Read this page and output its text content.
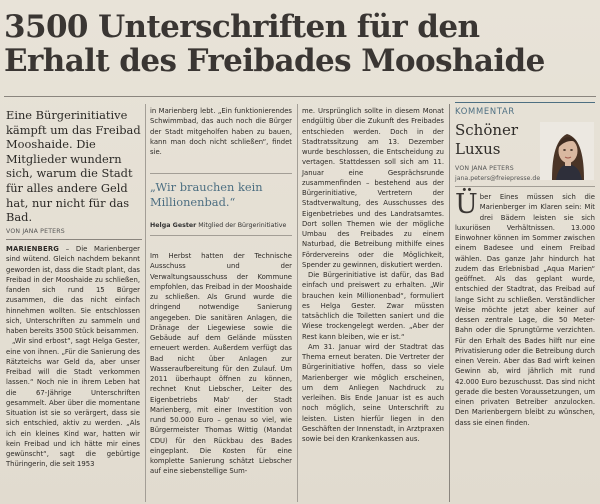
3500 Unterschriften für den
Erhalt des Freibades Mooshaide

Eine Bürgerinitiative kämpft um das Freibad Mooshaide. Die Mitglieder wundern sich, warum die Stadt für alles andere Geld hat, nur nicht für das Bad.

VON JANA PETERS

MARIENBERG – Die Marienberger sind wütend. Gleich nachdem bekannt geworden ist, dass die Stadt plant, das Freibad in der Mooshaide zu schließen, fanden sich rund 15 Bürger zusammen, die das nicht einfach hinnehmen wollten. Sie entschlossen sich, Unterschriften zu sammeln und haben bereits 3500 Stück beisammen.

„Wir sind erbost“, sagt Helga Gester, eine von ihnen. „Für die Sanierung des Rätzteichs war Geld da, aber unser Freibad will die Stadt verkommen lassen.“ Noch nie in ihrem Leben hat die 67-Jährige Unterschriften gesammelt. Aber über die momentane Situation ist sie so verärgert, dass sie sich entschied, aktiv zu werden. „Als ich ein kleines Kind war, hatten wir kein Freibad und ich hätte mir eines gewünscht“, sagt die gebürtige Thüringerin, die seit 1953

in Marienberg lebt. „Ein funktionierendes Schwimmbad, das auch noch die Bürger der Stadt mitgeholfen haben zu bauen, kann man doch nicht schließen“, findet sie.

„Wir brauchen kein Millionenbad.“
Helga Gester Mitglied der Bürgerinitiative

Im Herbst hatten der Technische Ausschuss und der Verwaltungsausschuss der Kommune empfohlen, das Freibad in der Mooshaide zu schließen. Als Grund wurde die dringend notwendige Sanierung angegeben. Die sanitären Anlagen, die Dränage der Liegewiese sowie die Gebäude auf dem Gelände müssten erneuert werden. Außerdem verfügt das Bad nicht über Anlagen zur Wasseraufbereitung für den Zulauf. Um 2011 überhaupt öffnen zu können, rechnet Knut Liebscher, Leiter des Eigenbetriebs Mab' der Stadt Marienberg, mit einer Investition von rund 50.000 Euro – genau so viel, wie Bürgermeister Thomas Wittig (Mandat CDU) für den Rückbau des Bades eingeplant. Die Kosten für eine komplette Sanierung schätzt Liebscher auf eine siebenstellige Sum-

me. Ursprünglich sollte in diesem Monat endgültig über die Zukunft des Freibades entschieden werden. Doch in der Stadtratssitzung am 13. Dezember wurde beschlossen, die Entscheidung zu vertagen. Stattdessen soll sich am 11. Januar eine Gesprächsrunde zusammenfinden – bestehend aus der Bürgerinitiative, Vertretern der Stadtverwaltung, des Ausschusses des Eigenbetriebes und des Landratsamtes. Dort sollen Themen wie der mögliche Umbau des Freibades zu einem Naturbad, die Betreibung mithilfe eines Fördervereins oder die Möglichkeit, Spender zu gewinnen, diskutiert werden.

Die Bürgerinitiative ist dafür, das Bad einfach und preiswert zu erhalten. „Wir brauchen kein Millionenbad“, formuliert es Helga Gester. Zwar müssten tatsächlich die Toiletten saniert und die Wiese trockengelegt werden. „Aber der Rest kann bleiben, wie er ist.“

Am 31. Januar wird der Stadtrat das Thema erneut beraten. Die Vertreter der Bürgerinitiative hoffen, dass so viele Marienberger wie möglich erscheinen, um dem Anliegen Nachdruck zu verleihen. Bis Ende Januar ist es auch noch möglich, seine Unterschrift zu leisten. Listen hierfür liegen in den Geschäften der Innenstadt, in Arztpraxen sowie bei den Krankenkassen aus.

KOMMENTAR
Schöner
Luxus
VON JANA PETERS
jana.peters@freiepresse.de

Über Eines müssen sich die Marienberger im Klaren sein: Mit drei Bädern leisten sie sich luxuriösen Verhältnissen. 13.000 Einwohner können im Sommer zwischen einem Badesee und einem Freibad wählen. Das ganze Jahr hindurch hat zudem das Erlebnisbad „Aqua Marien“ geöffnet. Als das geplant wurde, entschied der Stadtrat, das Freibad auf lange Sicht zu schließen. Verständlicher Weise möchte jetzt aber keiner auf dessen zentrale Lage, die 50 Meter-Bahn oder die Sprungtürme verzichten. Für den Erhalt des Bades hilft nur eine Privatisierung oder die Betreibung durch einen Verein. Aber das Bad wirft keinen Gewinn ab, wird jährlich mit rund 42.000 Euro bezuschusst. Das sind nicht gerade die besten Voraussetzungen, um einen privaten Betreiber anzulocken. Den Marienbergern bleibt zu wünschen, dass sie einen finden.
